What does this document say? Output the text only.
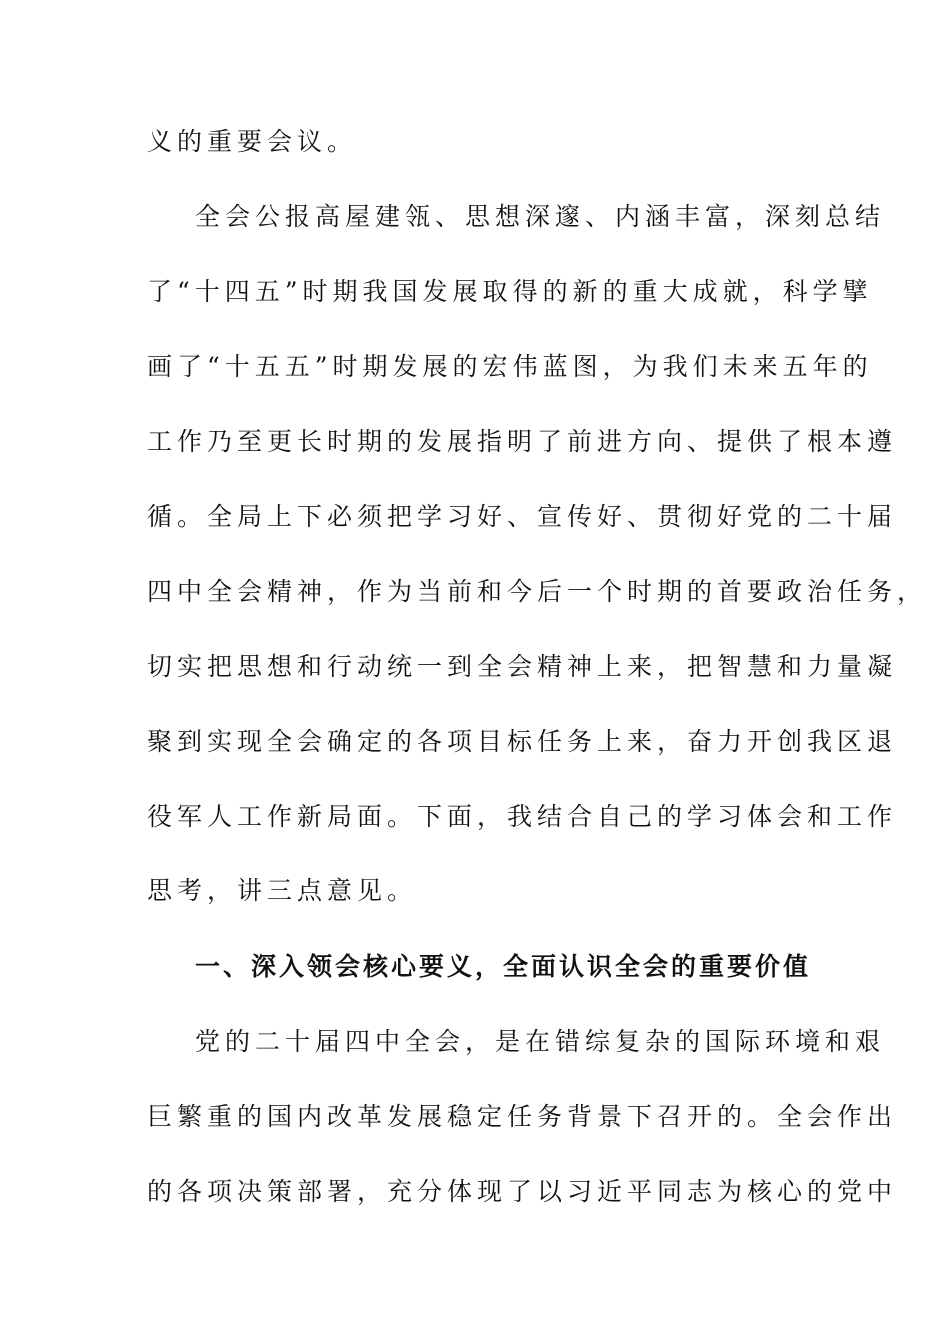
义的重要会议。
全会公报高屋建瓴、思想深邃、内涵丰富，深刻总结
了“十四五”时期我国发展取得的新的重大成就，科学擘
画了“十五五”时期发展的宏伟蓝图，为我们未来五年的
工作乃至更长时期的发展指明了前进方向、提供了根本遵
循。全局上下必须把学习好、宣传好、贯彻好党的二十届
四中全会精神，作为当前和今后一个时期的首要政治任务，
切实把思想和行动统一到全会精神上来，把智慧和力量凝
聚到实现全会确定的各项目标任务上来，奋力开创我区退
役军人工作新局面。下面，我结合自己的学习体会和工作
思考，讲三点意见。
一、深入领会核心要义，全面认识全会的重要价值
党的二十届四中全会，是在错综复杂的国际环境和艰
巨繁重的国内改革发展稳定任务背景下召开的。全会作出
的各项决策部署，充分体现了以习近平同志为核心的党中
